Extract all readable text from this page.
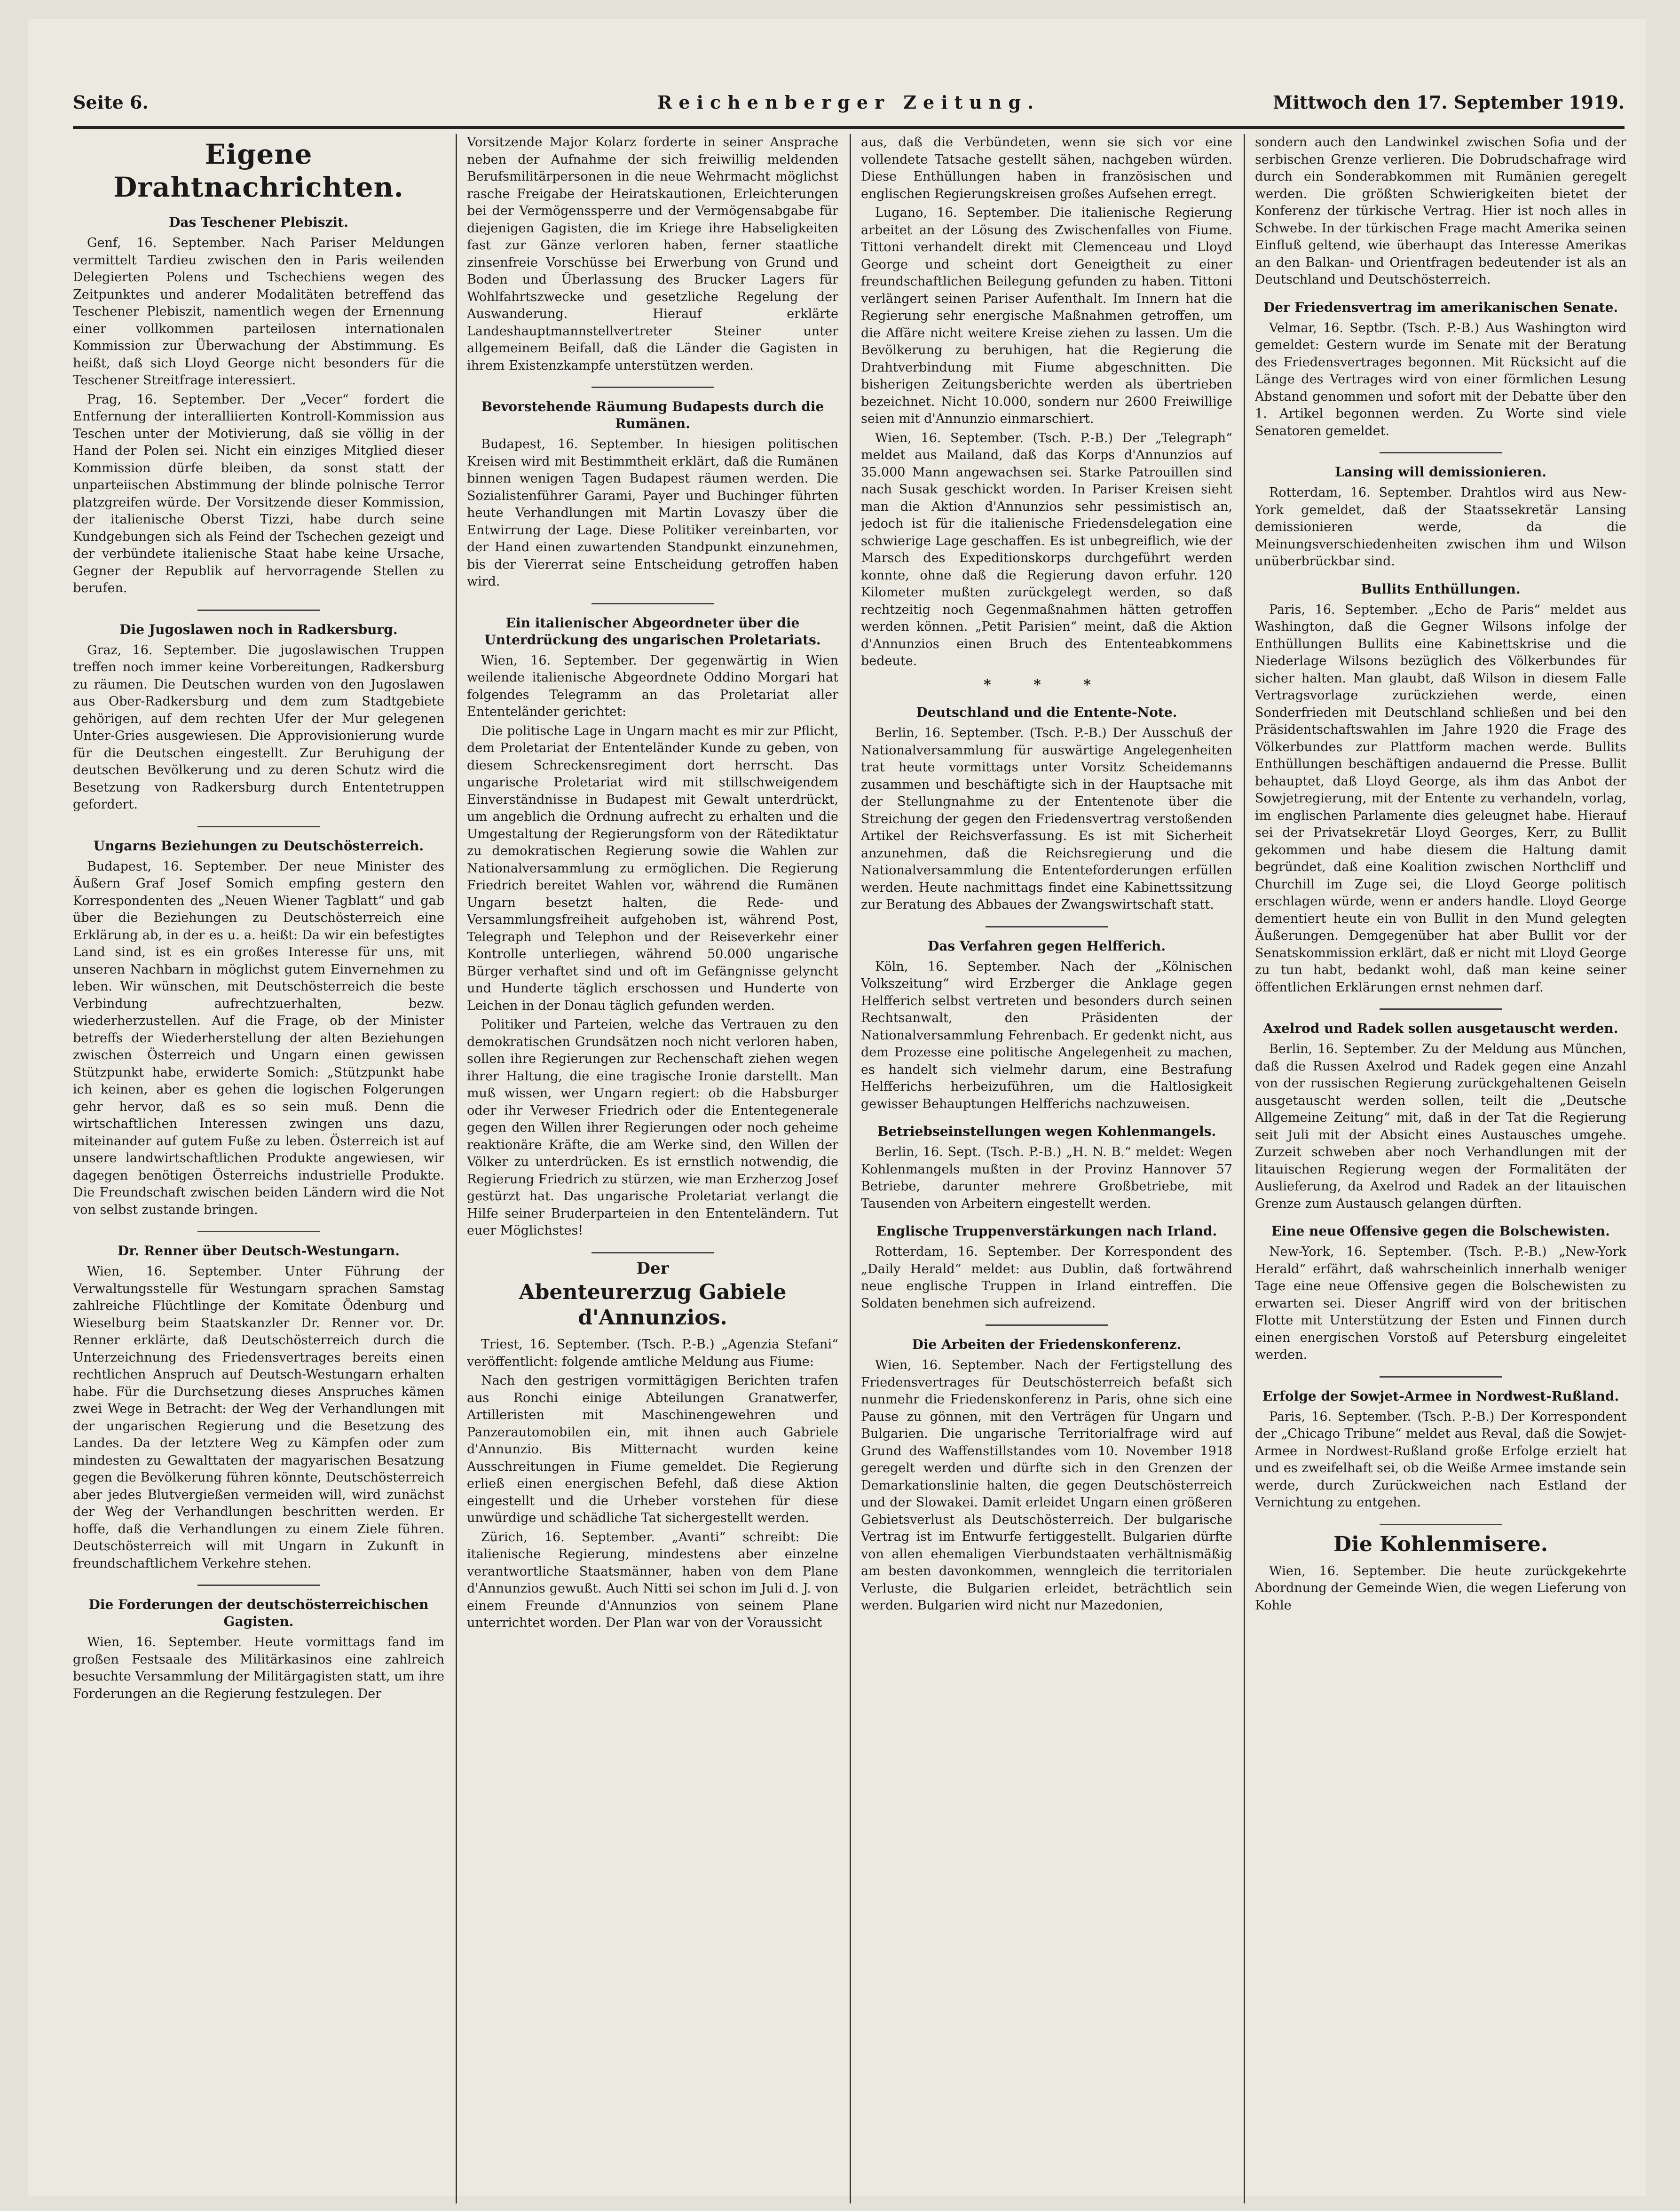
Seite 6.	Reichenberger Zeitung.	Mittwoch den 17. September 1919.
Eigene Drahtnachrichten.
Das Teschener Plebiszit.

Genf, 16. September. Nach Pariser Meldungen vermittelt Tardieu zwischen den in Paris weilenden Delegierten Polens und Tschechiens wegen des Zeitpunktes und anderer Modalitäten betreffend das Teschener Plebiszit, namentlich wegen der Ernennung einer vollkommen parteilosen internationalen Kommission zur Überwachung der Abstimmung. Es heißt, daß sich Lloyd George nicht besonders für die Teschener Streitfrage interessiert.

Prag, 16. September. Der „Vecer“ fordert die Entfernung der interalliierten Kontroll-Kommission aus Teschen unter der Motivierung, daß sie völlig in der Hand der Polen sei. Nicht ein einziges Mitglied dieser Kommission dürfe bleiben, da sonst statt der unparteiischen Abstimmung der blinde polnische Terror platzgreifen würde. Der Vorsitzende dieser Kommission, der italienische Oberst Tizzi, habe durch seine Kundgebungen sich als Feind der Tschechen gezeigt und der verbündete italienische Staat habe keine Ursache, Gegner der Republik auf hervorragende Stellen zu berufen.

Die Jugoslawen noch in Radkersburg.

Graz, 16. September. Die jugoslawischen Truppen treffen noch immer keine Vorbereitungen, Radkersburg zu räumen. Die Deutschen wurden von den Jugoslawen aus Ober-Radkersburg und dem zum Stadtgebiete gehörigen, auf dem rechten Ufer der Mur gelegenen Unter-Gries ausgewiesen. Die Approvisionierung wurde für die Deutschen eingestellt. Zur Beruhigung der deutschen Bevölkerung und zu deren Schutz wird die Besetzung von Radkersburg durch Ententetruppen gefordert.

Ungarns Beziehungen zu Deutschösterreich.

Budapest, 16. September. Der neue Minister des Äußern Graf Josef Somich empfing gestern den Korrespondenten des „Neuen Wiener Tagblatt“ und gab über die Beziehungen zu Deutschösterreich eine Erklärung ab, in der es u. a. heißt: Da wir ein befestigtes Land sind, ist es ein großes Interesse für uns, mit unseren Nachbarn in möglichst gutem Einvernehmen zu leben. Wir wünschen, mit Deutschösterreich die beste Verbindung aufrechtzuerhalten, bezw. wiederherzustellen. Auf die Frage, ob der Minister betreffs der Wiederherstellung der alten Beziehungen zwischen Österreich und Ungarn einen gewissen Stützpunkt habe, erwiderte Somich: „Stützpunkt habe ich keinen, aber es gehen die logischen Folgerungen gehr hervor, daß es so sein muß. Denn die wirtschaftlichen Interessen zwingen uns dazu, miteinander auf gutem Fuße zu leben. Österreich ist auf unsere landwirtschaftlichen Produkte angewiesen, wir dagegen benötigen Österreichs industrielle Produkte. Die Freundschaft zwischen beiden Ländern wird die Not von selbst zustande bringen.

Dr. Renner über Deutsch-Westungarn.

Wien, 16. September. Unter Führung der Verwaltungsstelle für Westungarn sprachen Samstag zahlreiche Flüchtlinge der Komitate Ödenburg und Wieselburg beim Staatskanzler Dr. Renner vor. Dr. Renner erklärte, daß Deutschösterreich durch die Unterzeichnung des Friedensvertrages bereits einen rechtlichen Anspruch auf Deutsch-Westungarn erhalten habe. Für die Durchsetzung dieses Anspruches kämen zwei Wege in Betracht: der Weg der Verhandlungen mit der ungarischen Regierung und die Besetzung des Landes. Da der letztere Weg zu Kämpfen oder zum mindesten zu Gewalttaten der magyarischen Besatzung gegen die Bevölkerung führen könnte, Deutschösterreich aber jedes Blutvergießen vermeiden will, wird zunächst der Weg der Verhandlungen beschritten werden. Er hoffe, daß die Verhandlungen zu einem Ziele führen. Deutschösterreich will mit Ungarn in Zukunft in freundschaftlichem Verkehre stehen.

Die Forderungen der deutschösterreichischen Gagisten.

Wien, 16. September. Heute vormittags fand im großen Festsaale des Militärkasinos eine zahlreich besuchte Versammlung der Militärgagisten statt, um ihre Forderungen an die Regierung festzulegen. Der

Vorsitzende Major Kolarz forderte in seiner Ansprache neben der Aufnahme der sich freiwillig meldenden Berufsmilitärpersonen in die neue Wehrmacht möglichst rasche Freigabe der Heiratskautionen, Erleichterungen bei der Vermögenssperre und der Vermögensabgabe für diejenigen Gagisten, die im Kriege ihre Habseligkeiten fast zur Gänze verloren haben, ferner staatliche zinsenfreie Vorschüsse bei Erwerbung von Grund und Boden und Überlassung des Brucker Lagers für Wohlfahrtszwecke und gesetzliche Regelung der Auswanderung. Hierauf erklärte Landeshauptmannstellvertreter Steiner unter allgemeinem Beifall, daß die Länder die Gagisten in ihrem Existenzkampfe unterstützen werden.

Bevorstehende Räumung Budapests durch die Rumänen.

Budapest, 16. September. In hiesigen politischen Kreisen wird mit Bestimmtheit erklärt, daß die Rumänen binnen wenigen Tagen Budapest räumen werden. Die Sozialistenführer Garami, Payer und Buchinger führten heute Verhandlungen mit Martin Lovaszy über die Entwirrung der Lage. Diese Politiker vereinbarten, vor der Hand einen zuwartenden Standpunkt einzunehmen, bis der Viererrat seine Entscheidung getroffen haben wird.

Ein italienischer Abgeordneter über die Unterdrückung des ungarischen Proletariats.

Wien, 16. September. Der gegenwärtig in Wien weilende italienische Abgeordnete Oddino Morgari hat folgendes Telegramm an das Proletariat aller Ententeländer gerichtet:

Die politische Lage in Ungarn macht es mir zur Pflicht, dem Proletariat der Ententeländer Kunde zu geben, von diesem Schreckensregiment dort herrscht. Das ungarische Proletariat wird mit stillschweigendem Einverständnisse in Budapest mit Gewalt unterdrückt, um angeblich die Ordnung aufrecht zu erhalten und die Umgestaltung der Regierungsform von der Rätediktatur zu demokratischen Regierung sowie die Wahlen zur Nationalversammlung zu ermöglichen. Die Regierung Friedrich bereitet Wahlen vor, während die Rumänen Ungarn besetzt halten, die Rede- und Versammlungsfreiheit aufgehoben ist, während Post, Telegraph und Telephon und der Reiseverkehr einer Kontrolle unterliegen, während 50.000 ungarische Bürger verhaftet sind und oft im Gefängnisse gelyncht und Hunderte täglich erschossen und Hunderte von Leichen in der Donau täglich gefunden werden.

Politiker und Parteien, welche das Vertrauen zu den demokratischen Grundsätzen noch nicht verloren haben, sollen ihre Regierungen zur Rechenschaft ziehen wegen ihrer Haltung, die eine tragische Ironie darstellt. Man muß wissen, wer Ungarn regiert: ob die Habsburger oder ihr Verweser Friedrich oder die Ententegenerale gegen den Willen ihrer Regierungen oder noch geheime reaktionäre Kräfte, die am Werke sind, den Willen der Völker zu unterdrücken. Es ist ernstlich notwendig, die Regierung Friedrich zu stürzen, wie man Erzherzog Josef gestürzt hat. Das ungarische Proletariat verlangt die Hilfe seiner Bruderparteien in den Ententeländern. Tut euer Möglichstes!

Der
Abenteurerzug Gabiele d'Annunzios.

Triest, 16. September. (Tsch. P.-B.) „Agenzia Stefani“ veröffentlicht: folgende amtliche Meldung aus Fiume:

Nach den gestrigen vormittägigen Berichten trafen aus Ronchi einige Abteilungen Granatwerfer, Artilleristen mit Maschinengewehren und Panzerautomobilen ein, mit ihnen auch Gabriele d'Annunzio. Bis Mitternacht wurden keine Ausschreitungen in Fiume gemeldet. Die Regierung erließ einen energischen Befehl, daß diese Aktion eingestellt und die Urheber vorstehen für diese unwürdige und schädliche Tat sichergestellt werden.

Zürich, 16. September. „Avanti“ schreibt: Die italienische Regierung, mindestens aber einzelne verantwortliche Staatsmänner, haben von dem Plane d'Annunzios gewußt. Auch Nitti sei schon im Juli d. J. von einem Freunde d'Annunzios von seinem Plane unterrichtet worden. Der Plan war von der Voraussicht

aus, daß die Verbündeten, wenn sie sich vor eine vollendete Tatsache gestellt sähen, nachgeben würden. Diese Enthüllungen haben in französischen und englischen Regierungskreisen großes Aufsehen erregt.

Lugano, 16. September. Die italienische Regierung arbeitet an der Lösung des Zwischenfalles von Fiume. Tittoni verhandelt direkt mit Clemenceau und Lloyd George und scheint dort Geneigtheit zu einer freundschaftlichen Beilegung gefunden zu haben. Tittoni verlängert seinen Pariser Aufenthalt. Im Innern hat die Regierung sehr energische Maßnahmen getroffen, um die Affäre nicht weitere Kreise ziehen zu lassen. Um die Bevölkerung zu beruhigen, hat die Regierung die Drahtverbindung mit Fiume abgeschnitten. Die bisherigen Zeitungsberichte werden als übertrieben bezeichnet. Nicht 10.000, sondern nur 2600 Freiwillige seien mit d'Annunzio einmarschiert.

Wien, 16. September. (Tsch. P.-B.) Der „Telegraph“ meldet aus Mailand, daß das Korps d'Annunzios auf 35.000 Mann angewachsen sei. Starke Patrouillen sind nach Susak geschickt worden. In Pariser Kreisen sieht man die Aktion d'Annunzios sehr pessimistisch an, jedoch ist für die italienische Friedensdelegation eine schwierige Lage geschaffen. Es ist unbegreiflich, wie der Marsch des Expeditionskorps durchgeführt werden konnte, ohne daß die Regierung davon erfuhr. 120 Kilometer mußten zurückgelegt werden, so daß rechtzeitig noch Gegenmaßnahmen hätten getroffen werden können. „Petit Parisien“ meint, daß die Aktion d'Annunzios einen Bruch des Ententeabkommens bedeute.

* * *
Deutschland und die Entente-Note.

Berlin, 16. September. (Tsch. P.-B.) Der Ausschuß der Nationalversammlung für auswärtige Angelegenheiten trat heute vormittags unter Vorsitz Scheidemanns zusammen und beschäftigte sich in der Hauptsache mit der Stellungnahme zu der Ententenote über die Streichung der gegen den Friedensvertrag verstoßenden Artikel der Reichsverfassung. Es ist mit Sicherheit anzunehmen, daß die Reichsregierung und die Nationalversammlung die Ententeforderungen erfüllen werden. Heute nachmittags findet eine Kabinettssitzung zur Beratung des Abbaues der Zwangswirtschaft statt.

Das Verfahren gegen Helfferich.

Köln, 16. September. Nach der „Kölnischen Volkszeitung“ wird Erzberger die Anklage gegen Helfferich selbst vertreten und besonders durch seinen Rechtsanwalt, den Präsidenten der Nationalversammlung Fehrenbach. Er gedenkt nicht, aus dem Prozesse eine politische Angelegenheit zu machen, es handelt sich vielmehr darum, eine Bestrafung Helfferichs herbeizuführen, um die Haltlosigkeit gewisser Behauptungen Helfferichs nachzuweisen.

Betriebseinstellungen wegen Kohlenmangels.

Berlin, 16. Sept. (Tsch. P.-B.) „H. N. B.“ meldet: Wegen Kohlenmangels mußten in der Provinz Hannover 57 Betriebe, darunter mehrere Großbetriebe, mit Tausenden von Arbeitern eingestellt werden.

Englische Truppenverstärkungen nach Irland.

Rotterdam, 16. September. Der Korrespondent des „Daily Herald“ meldet: aus Dublin, daß fortwährend neue englische Truppen in Irland eintreffen. Die Soldaten benehmen sich aufreizend.

Die Arbeiten der Friedenskonferenz.

Wien, 16. September. Nach der Fertigstellung des Friedensvertrages für Deutschösterreich befaßt sich nunmehr die Friedenskonferenz in Paris, ohne sich eine Pause zu gönnen, mit den Verträgen für Ungarn und Bulgarien. Die ungarische Territorialfrage wird auf Grund des Waffenstillstandes vom 10. November 1918 geregelt werden und dürfte sich in den Grenzen der Demarkationslinie halten, die gegen Deutschösterreich und der Slowakei. Damit erleidet Ungarn einen größeren Gebietsverlust als Deutschösterreich. Der bulgarische Vertrag ist im Entwurfe fertiggestellt. Bulgarien dürfte von allen ehemaligen Vierbundstaaten verhältnismäßig am besten davonkommen, wenngleich die territorialen Verluste, die Bulgarien erleidet, beträchtlich sein werden. Bulgarien wird nicht nur Mazedonien,

sondern auch den Landwinkel zwischen Sofia und der serbischen Grenze verlieren. Die Dobrudschafrage wird durch ein Sonderabkommen mit Rumänien geregelt werden. Die größten Schwierigkeiten bietet der Konferenz der türkische Vertrag. Hier ist noch alles in Schwebe. In der türkischen Frage macht Amerika seinen Einfluß geltend, wie überhaupt das Interesse Amerikas an den Balkan- und Orientfragen bedeutender ist als an Deutschland und Deutschösterreich.

Der Friedensvertrag im amerikanischen Senate.

Velmar, 16. Septbr. (Tsch. P.-B.) Aus Washington wird gemeldet: Gestern wurde im Senate mit der Beratung des Friedensvertrages begonnen. Mit Rücksicht auf die Länge des Vertrages wird von einer förmlichen Lesung Abstand genommen und sofort mit der Debatte über den 1. Artikel begonnen werden. Zu Worte sind viele Senatoren gemeldet.

Lansing will demissionieren.

Rotterdam, 16. September. Drahtlos wird aus New-York gemeldet, daß der Staatssekretär Lansing demissionieren werde, da die Meinungsverschiedenheiten zwischen ihm und Wilson unüberbrückbar sind.

Bullits Enthüllungen.

Paris, 16. September. „Echo de Paris“ meldet aus Washington, daß die Gegner Wilsons infolge der Enthüllungen Bullits eine Kabinettskrise und die Niederlage Wilsons bezüglich des Völkerbundes für sicher halten. Man glaubt, daß Wilson in diesem Falle Vertragsvorlage zurückziehen werde, einen Sonderfrieden mit Deutschland schließen und bei den Präsidentschaftswahlen im Jahre 1920 die Frage des Völkerbundes zur Plattform machen werde. Bullits Enthüllungen beschäftigen andauernd die Presse. Bullit behauptet, daß Lloyd George, als ihm das Anbot der Sowjetregierung, mit der Entente zu verhandeln, vorlag, im englischen Parlamente dies geleugnet habe. Hierauf sei der Privatsekretär Lloyd Georges, Kerr, zu Bullit gekommen und habe diesem die Haltung damit begründet, daß eine Koalition zwischen Northcliff und Churchill im Zuge sei, die Lloyd George politisch erschlagen würde, wenn er anders handle. Lloyd George dementiert heute ein von Bullit in den Mund gelegten Äußerungen. Demgegenüber hat aber Bullit vor der Senatskommission erklärt, daß er nicht mit Lloyd George zu tun habt, bedankt wohl, daß man keine seiner öffentlichen Erklärungen ernst nehmen darf.

Axelrod und Radek sollen ausgetauscht werden.

Berlin, 16. September. Zu der Meldung aus München, daß die Russen Axelrod und Radek gegen eine Anzahl von der russischen Regierung zurückgehaltenen Geiseln ausgetauscht werden sollen, teilt die „Deutsche Allgemeine Zeitung“ mit, daß in der Tat die Regierung seit Juli mit der Absicht eines Austausches umgehe. Zurzeit schweben aber noch Verhandlungen mit der litauischen Regierung wegen der Formalitäten der Auslieferung, da Axelrod und Radek an der litauischen Grenze zum Austausch gelangen dürften.

Eine neue Offensive gegen die Bolschewisten.

New-York, 16. September. (Tsch. P.-B.) „New-York Herald“ erfährt, daß wahrscheinlich innerhalb weniger Tage eine neue Offensive gegen die Bolschewisten zu erwarten sei. Dieser Angriff wird von der britischen Flotte mit Unterstützung der Esten und Finnen durch einen energischen Vorstoß auf Petersburg eingeleitet werden.

Erfolge der Sowjet-Armee in Nordwest-Rußland.

Paris, 16. September. (Tsch. P.-B.) Der Korrespondent der „Chicago Tribune“ meldet aus Reval, daß die Sowjet-Armee in Nordwest-Rußland große Erfolge erzielt hat und es zweifelhaft sei, ob die Weiße Armee imstande sein werde, durch Zurückweichen nach Estland der Vernichtung zu entgehen.

Die Kohlenmisere.

Wien, 16. September. Die heute zurückgekehrte Abordnung der Gemeinde Wien, die wegen Lieferung von Kohle
